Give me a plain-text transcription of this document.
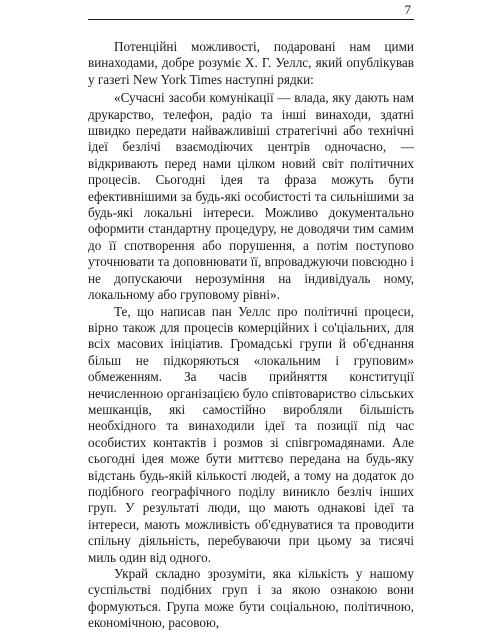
7

Потенційні можливості, подаровані нам цими винаходами, добре розуміє Х. Г. Уеллс, який опублікував у газеті New York Times наступні рядки:

«Сучасні засоби комунікації — влада, яку дають нам друкарство, телефон, радіо та інші винаходи, здатні швидко передати найважливіші стратегічні або технічні ідеї безлічі взаємодіючих центрів одночасно, — відкривають перед нами цілком новий світ політичних процесів. Сьогодні ідея та фраза можуть бути ефективнішими за будь-які особистості та сильнішими за будь-які локальні інтереси. Можливо документально оформити стандартну процедуру, не доводячи тим самим до її спотворення або порушення, а потім поступово уточнювати та доповнювати її, впроваджуючи повсюдно і не допускаючи нерозуміння на індивідуаль ному, локальному або груповому рівні».

Те, що написав пан Уеллс про політичні процеси, вірно також для процесів комерційних і со'ціальних, для всіх масових ініціатив. Громадські групи й об'єднання більш не підкоряються «локальним і груповим» обмеженням. За часів прийняття конституції нечисленною організацією було співтовариство сільських мешканців, які самостійно виробляли більшість необхідного та винаходили ідеї та позиції під час особистих контактів і розмов зі співгромадянами. Але сьогодні ідея може бути миттєво передана на будь-яку відстань будь-якій кількості людей, а тому на додаток до подібного географічного поділу виникло безліч інших груп. У результаті люди, що мають однакові ідеї та інтереси, мають можливість об'єднуватися та проводити спільну діяльність, перебуваючи при цьому за тисячі миль один від одного.

Украй складно зрозуміти, яка кількість у нашому суспільстві подібних груп і за якою ознакою вони формуються. Група може бути соціальною, політичною, економічною, расовою,
